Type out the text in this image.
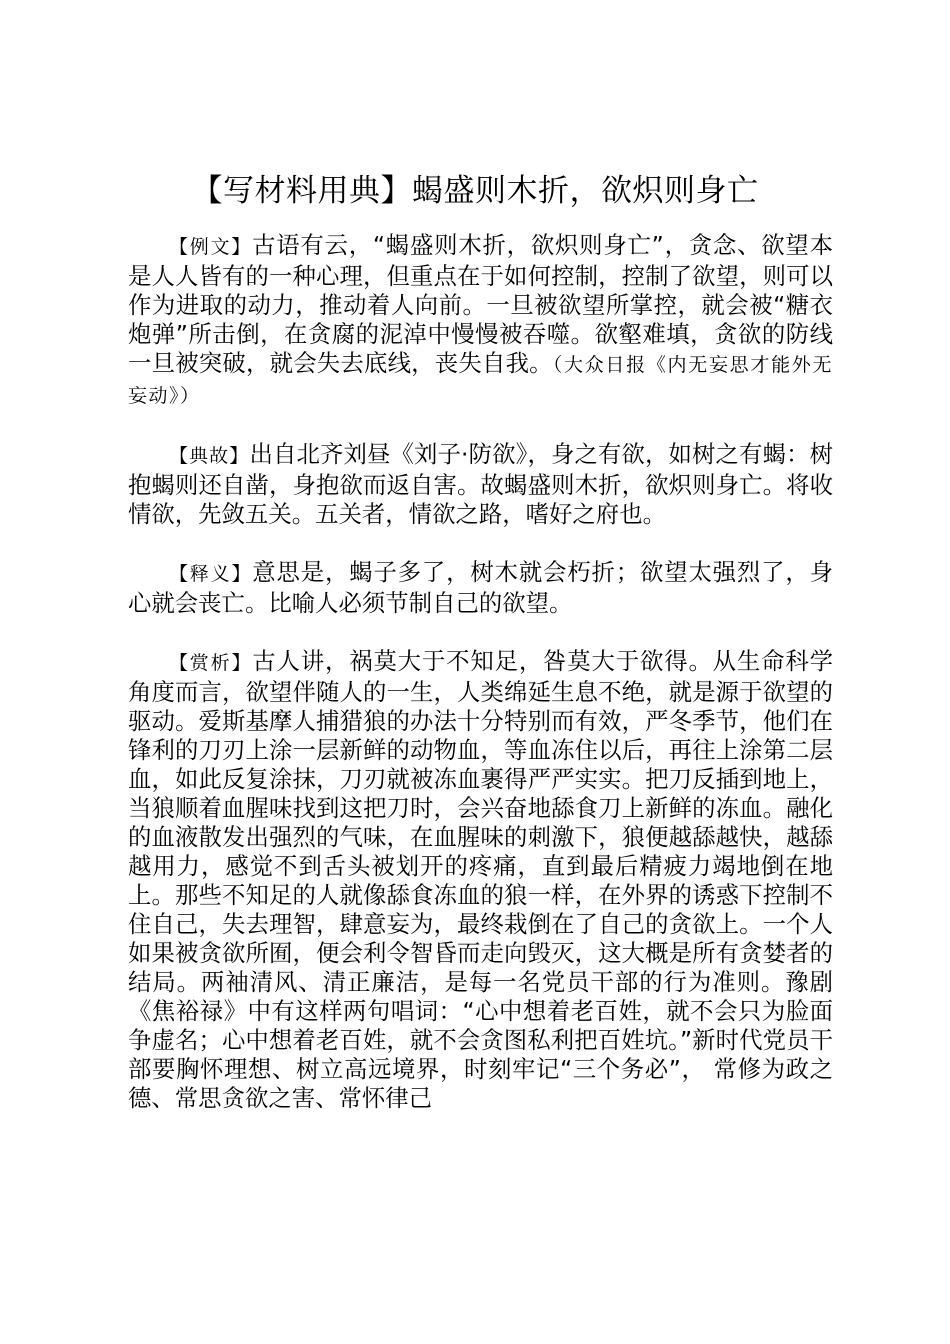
【写材料用典】蝎盛则木折，欲炽则身亡

【例文】古语有云，“蝎盛则木折，欲炽则身亡”，贪念、欲望本是人人皆有的一种心理，但重点在于如何控制，控制了欲望，则可以作为进取的动力，推动着人向前。一旦被欲望所掌控，就会被“糖衣炮弹”所击倒，在贪腐的泥淖中慢慢被吞噬。欲壑难填，贪欲的防线一旦被突破，就会失去底线，丧失自我。（大众日报《内无妄思才能外无妄动》）

【典故】出自北齐刘昼《刘子·防欲》，身之有欲，如树之有蝎：树抱蝎则还自凿，身抱欲而返自害。故蝎盛则木折，欲炽则身亡。将收情欲，先敛五关。五关者，情欲之路，嗜好之府也。

【释义】意思是，蝎子多了，树木就会朽折；欲望太强烈了，身心就会丧亡。比喻人必须节制自己的欲望。

【赏析】古人讲，祸莫大于不知足，咎莫大于欲得。从生命科学角度而言，欲望伴随人的一生，人类绵延生息不绝，就是源于欲望的驱动。爱斯基摩人捕猎狼的办法十分特别而有效，严冬季节，他们在锋利的刀刃上涂一层新鲜的动物血，等血冻住以后，再往上涂第二层血，如此反复涂抹，刀刃就被冻血裹得严严实实。把刀反插到地上，当狼顺着血腥味找到这把刀时，会兴奋地舔食刀上新鲜的冻血。融化的血液散发出强烈的气味，在血腥味的刺激下，狼便越舔越快，越舔越用力，感觉不到舌头被划开的疼痛，直到最后精疲力竭地倒在地上。那些不知足的人就像舔食冻血的狼一样，在外界的诱惑下控制不住自己，失去理智，肆意妄为，最终栽倒在了自己的贪欲上。一个人如果被贪欲所囿，便会利令智昏而走向毁灭，这大概是所有贪婪者的结局。两袖清风、清正廉洁，是每一名党员干部的行为准则。豫剧《焦裕禄》中有这样两句唱词：“心中想着老百姓，就不会只为脸面争虚名；心中想着老百姓，就不会贪图私利把百姓坑。”新时代党员干部要胸怀理想、树立高远境界，时刻牢记“三个务必”， 常修为政之德、常思贪欲之害、常怀律己
